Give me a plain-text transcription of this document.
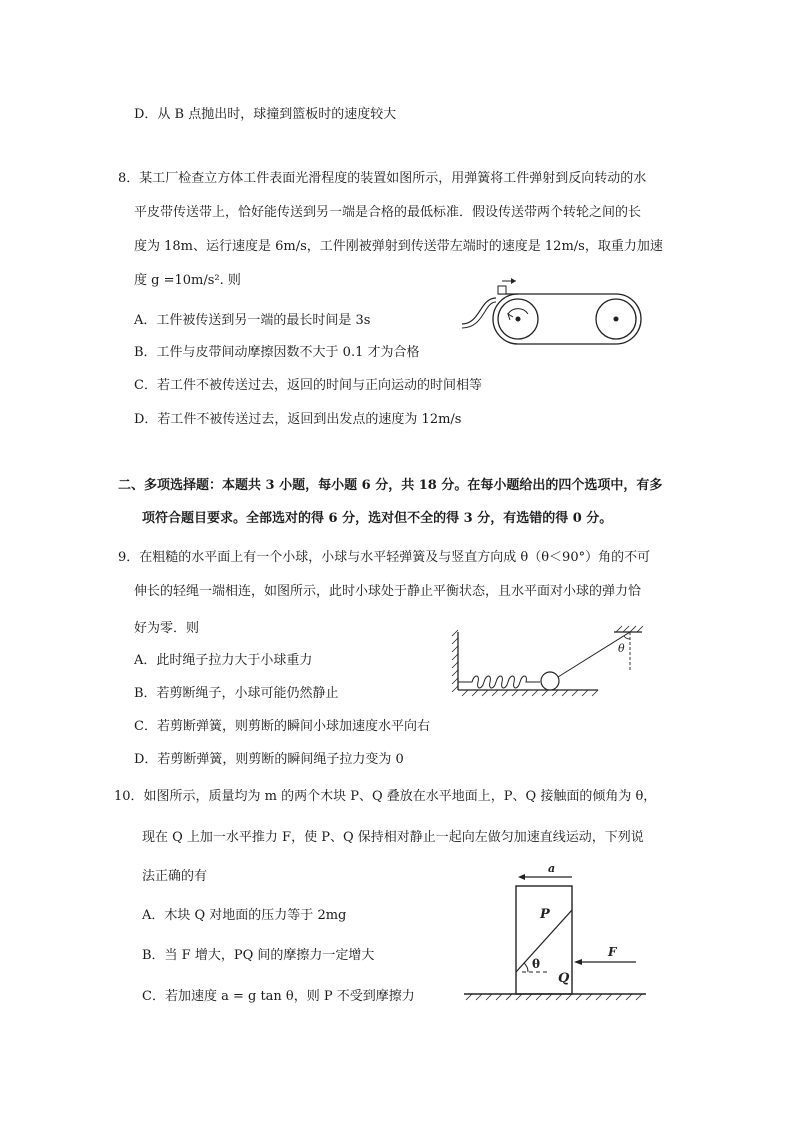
D．从 B 点抛出时，球撞到篮板时的速度较大
8．某工厂检查立方体工件表面光滑程度的装置如图所示，用弹簧将工件弹射到反向转动的水
平皮带传送带上，恰好能传送到另一端是合格的最低标准．假设传送带两个转轮之间的长
度为 18m、运行速度是 6m/s，工件刚被弹射到传送带左端时的速度是 12m/s，取重力加速
度 g =10m/s². 则
A．工件被传送到另一端的最长时间是 3s
B．工件与皮带间动摩擦因数不大于 0.1 才为合格
C．若工件不被传送过去，返回的时间与正向运动的时间相等
D．若工件不被传送过去，返回到出发点的速度为 12m/s
二、多项选择题：本题共 3 小题，每小题 6 分，共 18 分。在每小题给出的四个选项中，有多
项符合题目要求。全部选对的得 6 分，选对但不全的得 3 分，有选错的得 0 分。
9．在粗糙的水平面上有一个小球，小球与水平轻弹簧及与竖直方向成 θ（θ＜90°）角的不可
伸长的轻绳一端相连，如图所示，此时小球处于静止平衡状态，且水平面对小球的弹力恰
好为零．则
A．此时绳子拉力大于小球重力
B．若剪断绳子，小球可能仍然静止
C．若剪断弹簧，则剪断的瞬间小球加速度水平向右
D．若剪断弹簧，则剪断的瞬间绳子拉力变为 0
θ
10．如图所示，质量均为 m 的两个木块 P、Q 叠放在水平地面上，P、Q 接触面的倾角为 θ，
现在 Q 上加一水平推力 F，使 P、Q 保持相对静止一起向左做匀加速直线运动，下列说
法正确的有
A．木块 Q 对地面的压力等于 2mg
B．当 F 增大，PQ 间的摩擦力一定增大
C．若加速度 a = g tan θ，则 P 不受到摩擦力
a
θ
P
Q
F
